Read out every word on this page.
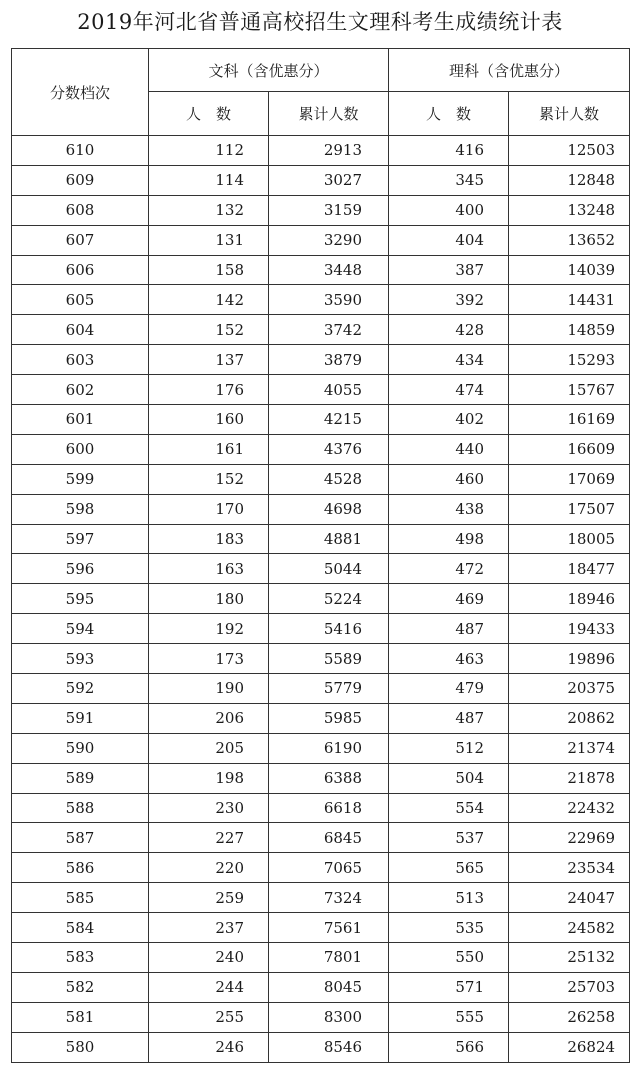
2019年河北省普通高校招生文理科考生成绩统计表
分数档次	文科（含优惠分）		理科（含优惠分）	
	人　数	累计人数	人　数	累计人数
610	112	2913	416	12503
609	114	3027	345	12848
608	132	3159	400	13248
607	131	3290	404	13652
606	158	3448	387	14039
605	142	3590	392	14431
604	152	3742	428	14859
603	137	3879	434	15293
602	176	4055	474	15767
601	160	4215	402	16169
600	161	4376	440	16609
599	152	4528	460	17069
598	170	4698	438	17507
597	183	4881	498	18005
596	163	5044	472	18477
595	180	5224	469	18946
594	192	5416	487	19433
593	173	5589	463	19896
592	190	5779	479	20375
591	206	5985	487	20862
590	205	6190	512	21374
589	198	6388	504	21878
588	230	6618	554	22432
587	227	6845	537	22969
586	220	7065	565	23534
585	259	7324	513	24047
584	237	7561	535	24582
583	240	7801	550	25132
582	244	8045	571	25703
581	255	8300	555	26258
580	246	8546	566	26824
